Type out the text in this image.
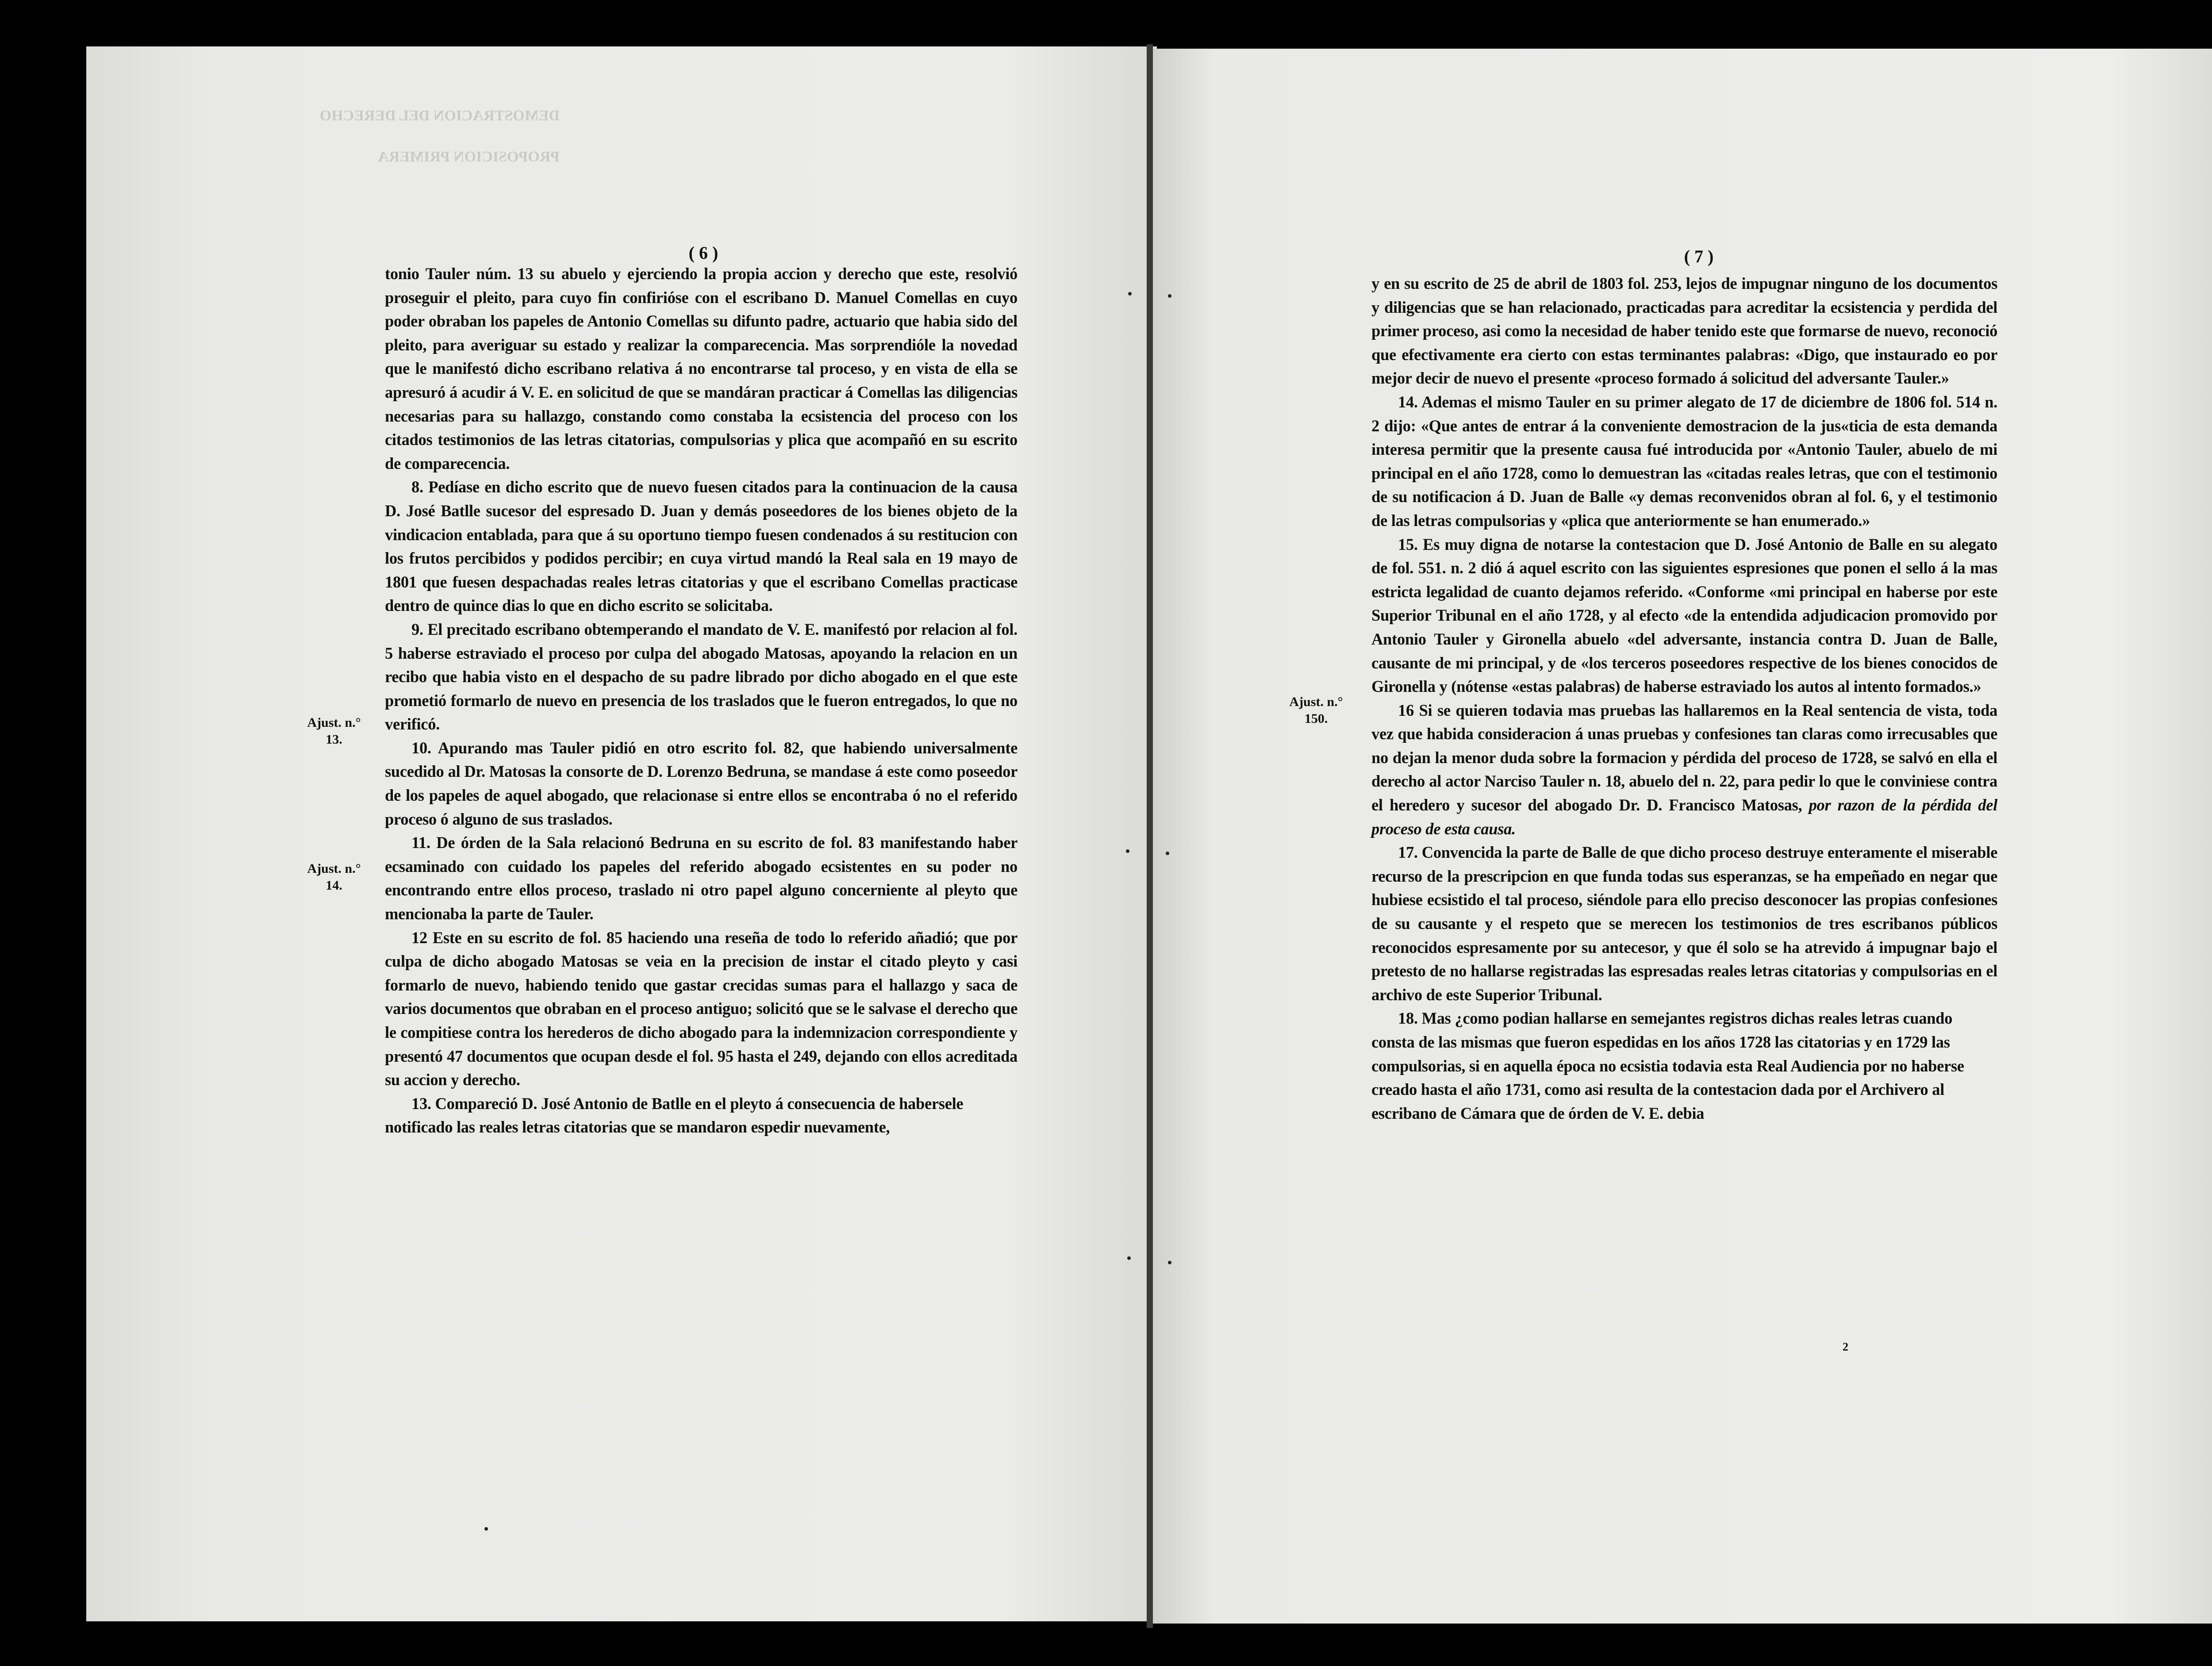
DEMOSTRACION DEL DERECHO
PROPOSICION PRIMERA
( 6 )

tonio Tauler núm. 13 su abuelo y ejerciendo la propia accion y derecho que este, resolvió proseguir el pleito, para cuyo fin confirióse con el escribano D. Manuel Comellas en cuyo poder obraban los papeles de Antonio Comellas su difunto padre, actuario que habia sido del pleito, para averiguar su estado y realizar la comparecencia. Mas sorprendióle la novedad que le manifestó dicho escribano relativa á no encontrarse tal proceso, y en vista de ella se apresuró á acudir á V. E. en solicitud de que se mandáran practicar á Comellas las diligencias necesarias para su hallazgo, constando como constaba la ecsistencia del proceso con los citados testimonios de las letras citatorias, compulsorias y plica que acompañó en su escrito de comparecencia.

8. Pedíase en dicho escrito que de nuevo fuesen citados para la continuacion de la causa D. José Batlle sucesor del espresado D. Juan y demás poseedores de los bienes objeto de la vindicacion entablada, para que á su oportuno tiempo fuesen condenados á su restitucion con los frutos percibidos y podidos percibir; en cuya virtud mandó la Real sala en 19 mayo de 1801 que fuesen despachadas reales letras citatorias y que el escribano Comellas practicase dentro de quince dias lo que en dicho escrito se solicitaba.

9. El precitado escribano obtemperando el mandato de V. E. manifestó por relacion al fol. 5 haberse estraviado el proceso por culpa del abogado Matosas, apoyando la relacion en un recibo que habia visto en el despacho de su padre librado por dicho abogado en el que este prometió formarlo de nuevo en presencia de los traslados que le fueron entregados, lo que no verificó.

10. Apurando mas Tauler pidió en otro escrito fol. 82, que habiendo universalmente sucedido al Dr. Matosas la consorte de D. Lorenzo Bedruna, se mandase á este como poseedor de los papeles de aquel abogado, que relacionase si entre ellos se encontraba ó no el referido proceso ó alguno de sus traslados.

11. De órden de la Sala relacionó Bedruna en su escrito de fol. 83 manifestando haber ecsaminado con cuidado los papeles del referido abogado ecsistentes en su poder no encontrando entre ellos proceso, traslado ni otro papel alguno concerniente al pleyto que mencionaba la parte de Tauler.

12 Este en su escrito de fol. 85 haciendo una reseña de todo lo referido añadió; que por culpa de dicho abogado Matosas se veia en la precision de instar el citado pleyto y casi formarlo de nuevo, habiendo tenido que gastar crecidas sumas para el hallazgo y saca de varios documentos que obraban en el proceso antiguo; solicitó que se le salvase el derecho que le compitiese contra los herederos de dicho abogado para la indemnizacion correspondiente y presentó 47 documentos que ocupan desde el fol. 95 hasta el 249, dejando con ellos acreditada su accion y derecho.

13. Compareció D. José Antonio de Batlle en el pleyto á consecuencia de habersele notificado las reales letras citatorias que se mandaron espedir nuevamente,

Ajust. n.°
13.
Ajust. n.°
14.
( 7 )

y en su escrito de 25 de abril de 1803 fol. 253, lejos de impugnar ninguno de los documentos y diligencias que se han relacionado, practicadas para acreditar la ecsistencia y perdida del primer proceso, asi como la necesidad de haber tenido este que formarse de nuevo, reconoció que efectivamente era cierto con estas terminantes palabras: «Digo, que instaurado eo por mejor decir de nuevo el presente «proceso formado á solicitud del adversante Tauler.»

14. Ademas el mismo Tauler en su primer alegato de 17 de diciembre de 1806 fol. 514 n. 2 dijo: «Que antes de entrar á la conveniente demostracion de la jus«ticia de esta demanda interesa permitir que la presente causa fué introducida por «Antonio Tauler, abuelo de mi principal en el año 1728, como lo demuestran las «citadas reales letras, que con el testimonio de su notificacion á D. Juan de Balle «y demas reconvenidos obran al fol. 6, y el testimonio de las letras compulsorias y «plica que anteriormente se han enumerado.»

15. Es muy digna de notarse la contestacion que D. José Antonio de Balle en su alegato de fol. 551. n. 2 dió á aquel escrito con las siguientes espresiones que ponen el sello á la mas estricta legalidad de cuanto dejamos referido. «Conforme «mi principal en haberse por este Superior Tribunal en el año 1728, y al efecto «de la entendida adjudicacion promovido por Antonio Tauler y Gironella abuelo «del adversante, instancia contra D. Juan de Balle, causante de mi principal, y de «los terceros poseedores respective de los bienes conocidos de Gironella y (nótense «estas palabras) de haberse estraviado los autos al intento formados.»

16 Si se quieren todavia mas pruebas las hallaremos en la Real sentencia de vista, toda vez que habida consideracion á unas pruebas y confesiones tan claras como irrecusables que no dejan la menor duda sobre la formacion y pérdida del proceso de 1728, se salvó en ella el derecho al actor Narciso Tauler n. 18, abuelo del n. 22, para pedir lo que le conviniese contra el heredero y sucesor del abogado Dr. D. Francisco Matosas, por razon de la pérdida del proceso de esta causa.

17. Convencida la parte de Balle de que dicho proceso destruye enteramente el miserable recurso de la prescripcion en que funda todas sus esperanzas, se ha empeñado en negar que hubiese ecsistido el tal proceso, siéndole para ello preciso desconocer las propias confesiones de su causante y el respeto que se merecen los testimonios de tres escribanos públicos reconocidos espresamente por su antecesor, y que él solo se ha atrevido á impugnar bajo el pretesto de no hallarse registradas las espresadas reales letras citatorias y compulsorias en el archivo de este Superior Tribunal.

18. Mas ¿como podian hallarse en semejantes registros dichas reales letras cuando consta de las mismas que fueron espedidas en los años 1728 las citatorias y en 1729 las compulsorias, si en aquella época no ecsistia todavia esta Real Audiencia por no haberse creado hasta el año 1731, como asi resulta de la contestacion dada por el Archivero al escribano de Cámara que de órden de V. E. debia

Ajust. n.°
150.
2
